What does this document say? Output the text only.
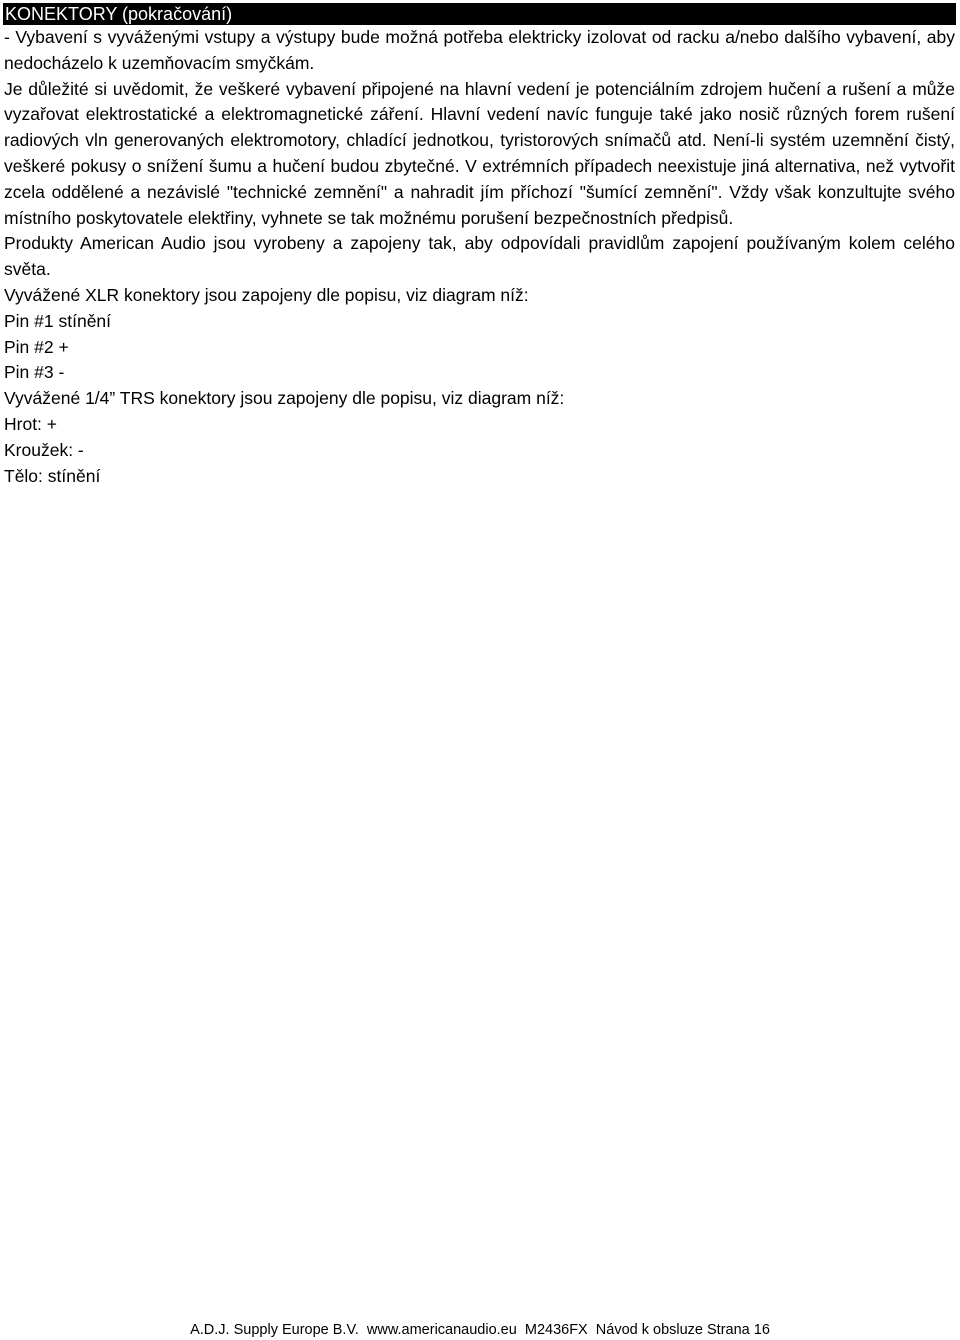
KONEKTORY (pokračování)

- Vybavení s vyváženými vstupy a výstupy bude možná potřeba elektricky izolovat od racku a/nebo dalšího vybavení, aby nedocházelo k uzemňovacím smyčkám.

Je důležité si uvědomit, že veškeré vybavení připojené na hlavní vedení je potenciálním zdrojem hučení a rušení a může vyzařovat elektrostatické a elektromagnetické záření. Hlavní vedení navíc funguje také jako nosič různých forem rušení radiových vln generovaných elektromotory, chladící jednotkou, tyristorových snímačů atd. Není-li systém uzemnění čistý, veškeré pokusy o snížení šumu a hučení budou zbytečné. V extrémních případech neexistuje jiná alternativa, než vytvořit zcela oddělené a nezávislé "technické zemnění" a nahradit jím příchozí "šumící zemnění". Vždy však konzultujte svého místního poskytovatele elektřiny, vyhnete se tak možnému porušení bezpečnostních předpisů.

Produkty American Audio jsou vyrobeny a zapojeny tak, aby odpovídali pravidlům zapojení používaným kolem celého světa.

Vyvážené XLR konektory jsou zapojeny dle popisu, viz diagram níž:

Pin #1 stínění

Pin #2 +

Pin #3 -

Vyvážené 1/4” TRS konektory jsou zapojeny dle popisu, viz diagram níž:

Hrot: +

Kroužek: -

Tělo: stínění

A.D.J. Supply Europe B.V.  www.americanaudio.eu  M2436FX  Návod k obsluze Strana 16
